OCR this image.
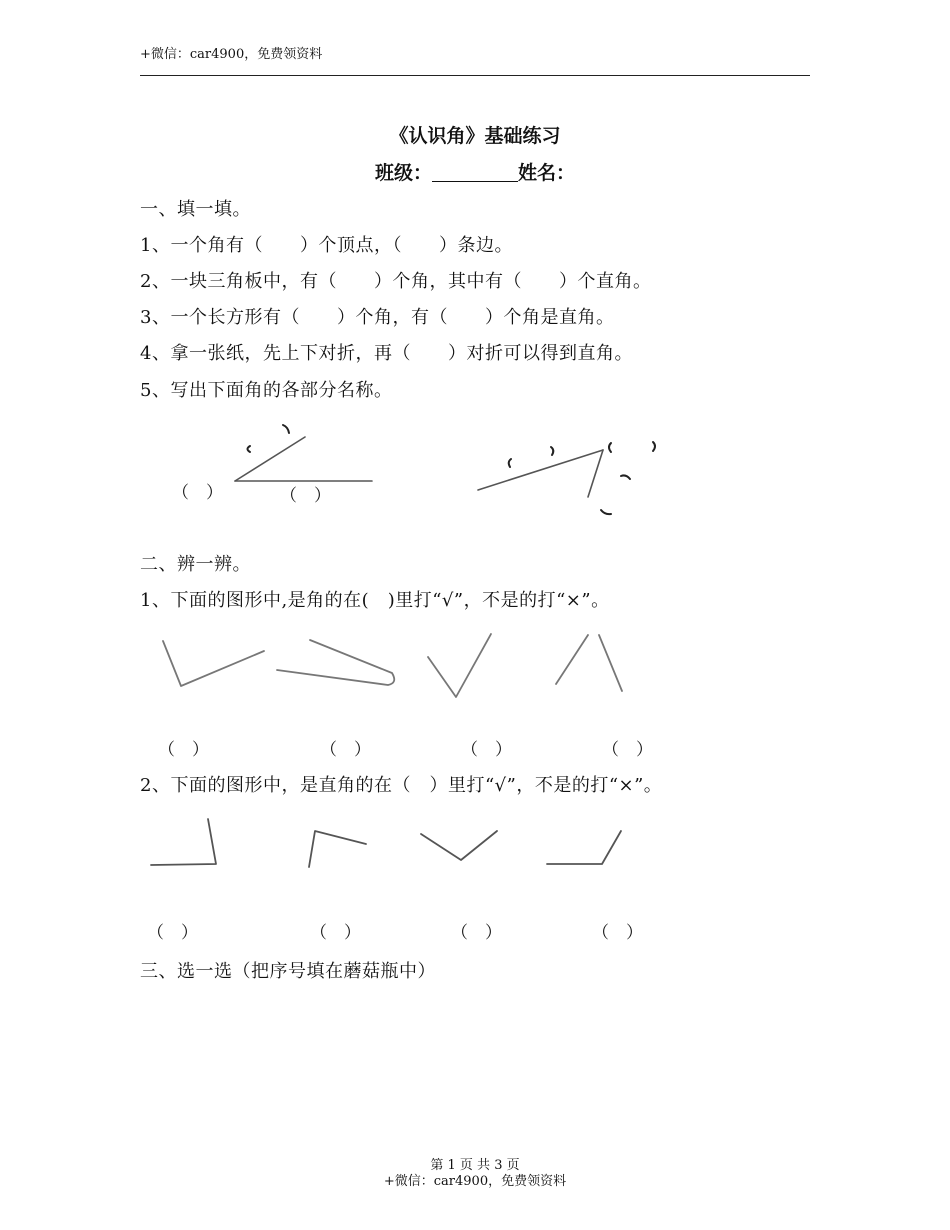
+微信：car4900，免费领资料
《认识角》基础练习
班级：	姓名：
一、填一填。
1、一个角有（　　）个顶点，（　　）条边。
2、一块三角板中，有（　　）个角，其中有（　　）个直角。
3、一个长方形有（　　）个角，有（　　）个角是直角。
4、拿一张纸，先上下对折，再（　　）对折可以得到直角。
5、写出下面角的各部分名称。
（　）	（　）
二、辨一辨。
1、下面的图形中,是角的在(　)里打“√”，不是的打“×”。
（　）	（　）	（　）	（　）
2、下面的图形中，是直角的在（　）里打“√”，不是的打“×”。
（　）	（　）	（　）	（　）
三、选一选（把序号填在蘑菇瓶中）
第 1 页 共 3 页
+微信：car4900，免费领资料
